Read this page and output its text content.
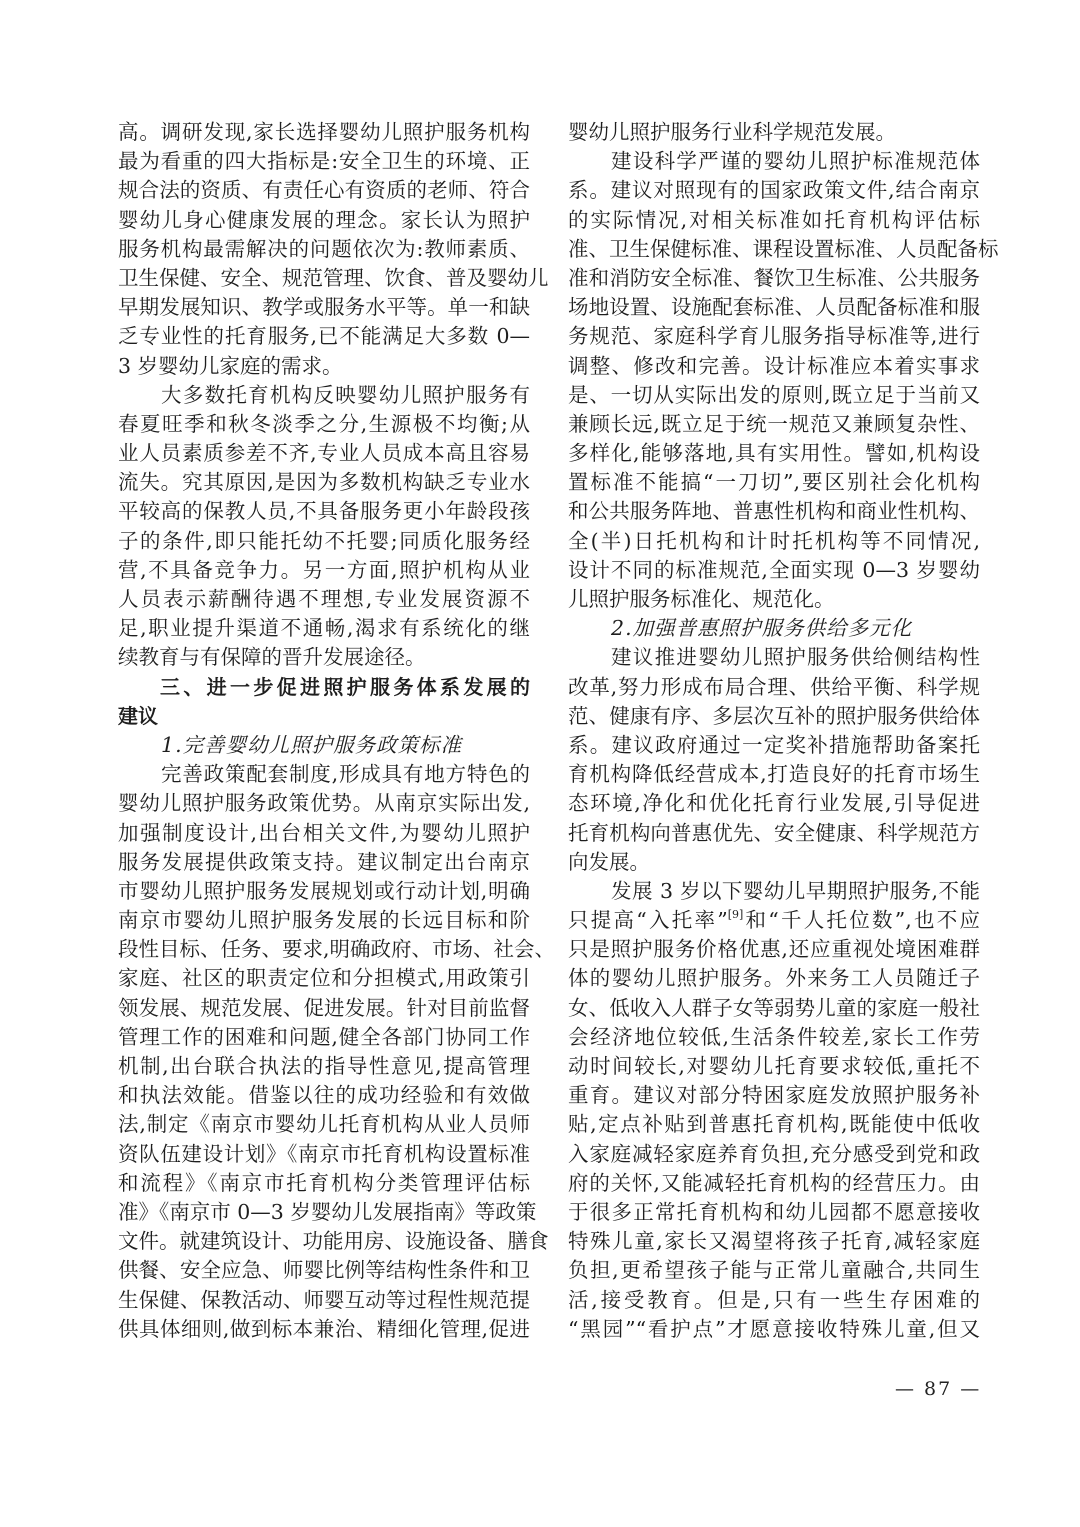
高。调研发现,家长选择婴幼儿照护服务机构
最为看重的四大指标是:安全卫生的环境、正
规合法的资质、有责任心有资质的老师、符合
婴幼儿身心健康发展的理念。家长认为照护
服务机构最需解决的问题依次为:教师素质、
卫生保健、安全、规范管理、饮食、普及婴幼儿
早期发展知识、教学或服务水平等。单一和缺
乏专业性的托育服务,已不能满足大多数 0—
3 岁婴幼儿家庭的需求。
大多数托育机构反映婴幼儿照护服务有
春夏旺季和秋冬淡季之分,生源极不均衡;从
业人员素质参差不齐,专业人员成本高且容易
流失。究其原因,是因为多数机构缺乏专业水
平较高的保教人员,不具备服务更小年龄段孩
子的条件,即只能托幼不托婴;同质化服务经
营,不具备竞争力。另一方面,照护机构从业
人员表示薪酬待遇不理想,专业发展资源不
足,职业提升渠道不通畅,渴求有系统化的继
续教育与有保障的晋升发展途径。
三、进一步促进照护服务体系发展的
建议
1.完善婴幼儿照护服务政策标准
完善政策配套制度,形成具有地方特色的
婴幼儿照护服务政策优势。从南京实际出发,
加强制度设计,出台相关文件,为婴幼儿照护
服务发展提供政策支持。建议制定出台南京
市婴幼儿照护服务发展规划或行动计划,明确
南京市婴幼儿照护服务发展的长远目标和阶
段性目标、任务、要求,明确政府、市场、社会、
家庭、社区的职责定位和分担模式,用政策引
领发展、规范发展、促进发展。针对目前监督
管理工作的困难和问题,健全各部门协同工作
机制,出台联合执法的指导性意见,提高管理
和执法效能。借鉴以往的成功经验和有效做
法,制定《南京市婴幼儿托育机构从业人员师
资队伍建设计划》《南京市托育机构设置标准
和流程》《南京市托育机构分类管理评估标
准》《南京市 0—3 岁婴幼儿发展指南》等政策
文件。就建筑设计、功能用房、设施设备、膳食
供餐、安全应急、师婴比例等结构性条件和卫
生保健、保教活动、师婴互动等过程性规范提
供具体细则,做到标本兼治、精细化管理,促进
婴幼儿照护服务行业科学规范发展。
建设科学严谨的婴幼儿照护标准规范体
系。建议对照现有的国家政策文件,结合南京
的实际情况,对相关标准如托育机构评估标
准、卫生保健标准、课程设置标准、人员配备标
准和消防安全标准、餐饮卫生标准、公共服务
场地设置、设施配套标准、人员配备标准和服
务规范、家庭科学育儿服务指导标准等,进行
调整、修改和完善。设计标准应本着实事求
是、一切从实际出发的原则,既立足于当前又
兼顾长远,既立足于统一规范又兼顾复杂性、
多样化,能够落地,具有实用性。譬如,机构设
置标准不能搞“一刀切”,要区别社会化机构
和公共服务阵地、普惠性机构和商业性机构、
全(半)日托机构和计时托机构等不同情况,
设计不同的标准规范,全面实现 0—3 岁婴幼
儿照护服务标准化、规范化。
2.加强普惠照护服务供给多元化
建议推进婴幼儿照护服务供给侧结构性
改革,努力形成布局合理、供给平衡、科学规
范、健康有序、多层次互补的照护服务供给体
系。建议政府通过一定奖补措施帮助备案托
育机构降低经营成本,打造良好的托育市场生
态环境,净化和优化托育行业发展,引导促进
托育机构向普惠优先、安全健康、科学规范方
向发展。
发展 3 岁以下婴幼儿早期照护服务,不能
只提高“入托率”[9]和“千人托位数”,也不应
只是照护服务价格优惠,还应重视处境困难群
体的婴幼儿照护服务。外来务工人员随迁子
女、低收入人群子女等弱势儿童的家庭一般社
会经济地位较低,生活条件较差,家长工作劳
动时间较长,对婴幼儿托育要求较低,重托不
重育。建议对部分特困家庭发放照护服务补
贴,定点补贴到普惠托育机构,既能使中低收
入家庭减轻家庭养育负担,充分感受到党和政
府的关怀,又能减轻托育机构的经营压力。由
于很多正常托育机构和幼儿园都不愿意接收
特殊儿童,家长又渴望将孩子托育,减轻家庭
负担,更希望孩子能与正常儿童融合,共同生
活,接受教育。但是,只有一些生存困难的
“黑园”“看护点”才愿意接收特殊儿童,但又
— 87 —
